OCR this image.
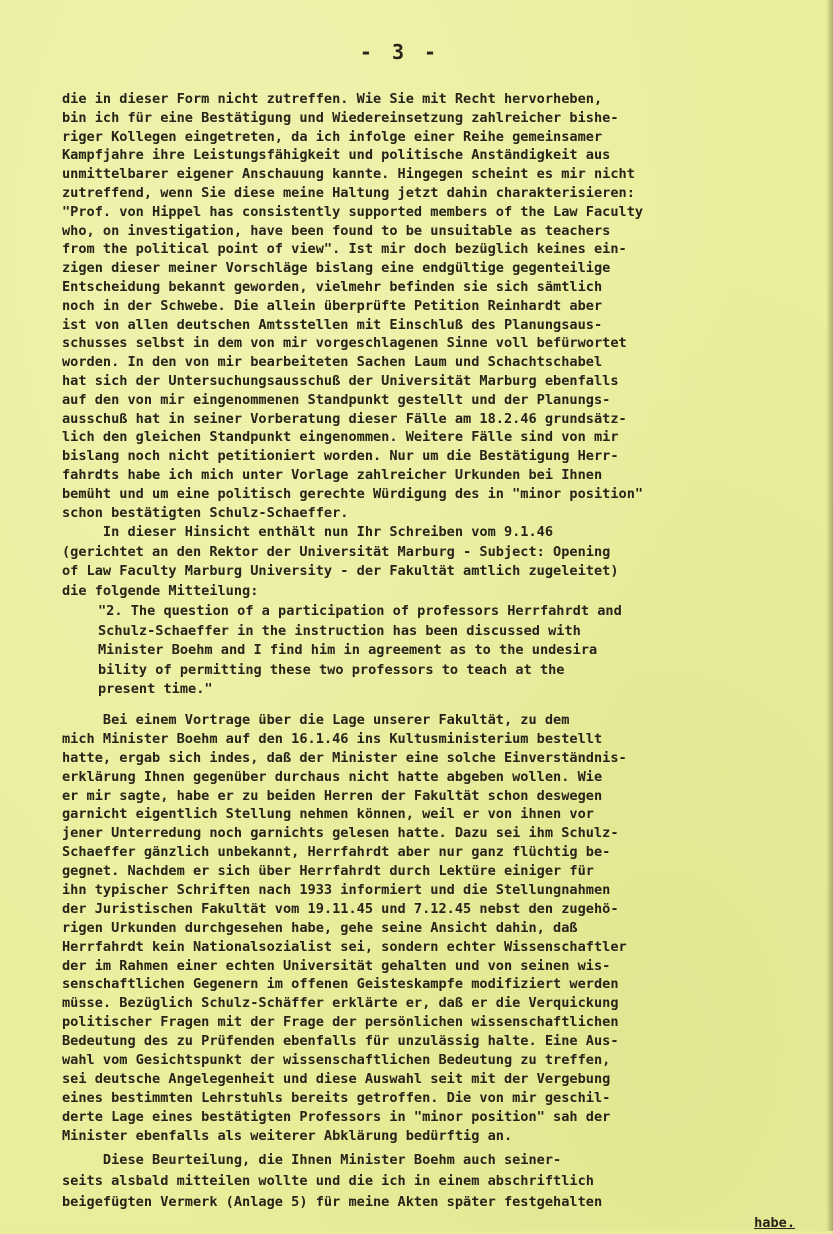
- 3 -
die in dieser Form nicht zutreffen. Wie Sie mit Recht hervorheben,
bin ich für eine Bestätigung und Wiedereinsetzung zahlreicher bishe-
riger Kollegen eingetreten, da ich infolge einer Reihe gemeinsamer
Kampfjahre ihre Leistungsfähigkeit und politische Anständigkeit aus
unmittelbarer eigener Anschauung kannte. Hingegen scheint es mir nicht
zutreffend, wenn Sie diese meine Haltung jetzt dahin charakterisieren:
"Prof. von Hippel has consistently supported members of the Law Faculty
who, on investigation, have been found to be unsuitable as teachers
from the political point of view". Ist mir doch bezüglich keines ein-
zigen dieser meiner Vorschläge bislang eine endgültige gegenteilige
Entscheidung bekannt geworden, vielmehr befinden sie sich sämtlich
noch in der Schwebe. Die allein überprüfte Petition Reinhardt aber
ist von allen deutschen Amtsstellen mit Einschluß des Planungsaus-
schusses selbst in dem von mir vorgeschlagenen Sinne voll befürwortet
worden. In den von mir bearbeiteten Sachen Laum und Schachtschabel
hat sich der Untersuchungsausschuß der Universität Marburg ebenfalls
auf den von mir eingenommenen Standpunkt gestellt und der Planungs-
ausschuß hat in seiner Vorberatung dieser Fälle am 18.2.46 grundsätz-
lich den gleichen Standpunkt eingenommen. Weitere Fälle sind von mir
bislang noch nicht petitioniert worden. Nur um die Bestätigung Herr-
fahrdts habe ich mich unter Vorlage zahlreicher Urkunden bei Ihnen
bemüht und um eine politisch gerechte Würdigung des in "minor position"
schon bestätigten Schulz-Schaeffer.
In dieser Hinsicht enthält nun Ihr Schreiben vom 9.1.46
(gerichtet an den Rektor der Universität Marburg - Subject: Opening
of Law Faculty Marburg University - der Fakultät amtlich zugeleitet)
die folgende Mitteilung:
"2. The question of a participation of professors Herrfahrdt and
Schulz-Schaeffer in the instruction has been discussed with
Minister Boehm and I find him in agreement as to the undesira
bility of permitting these two professors to teach at the
present time."
Bei einem Vortrage über die Lage unserer Fakultät, zu dem
mich Minister Boehm auf den 16.1.46 ins Kultusministerium bestellt
hatte, ergab sich indes, daß der Minister eine solche Einverständnis-
erklärung Ihnen gegenüber durchaus nicht hatte abgeben wollen. Wie
er mir sagte, habe er zu beiden Herren der Fakultät schon deswegen
garnicht eigentlich Stellung nehmen können, weil er von ihnen vor
jener Unterredung noch garnichts gelesen hatte. Dazu sei ihm Schulz-
Schaeffer gänzlich unbekannt, Herrfahrdt aber nur ganz flüchtig be-
gegnet. Nachdem er sich über Herrfahrdt durch Lektüre einiger für
ihn typischer Schriften nach 1933 informiert und die Stellungnahmen
der Juristischen Fakultät vom 19.11.45 und 7.12.45 nebst den zugehö-
rigen Urkunden durchgesehen habe, gehe seine Ansicht dahin, daß
Herrfahrdt kein Nationalsozialist sei, sondern echter Wissenschaftler
der im Rahmen einer echten Universität gehalten und von seinen wis-
senschaftlichen Gegenern im offenen Geisteskampfe modifiziert werden
müsse. Bezüglich Schulz-Schäffer erklärte er, daß er die Verquickung
politischer Fragen mit der Frage der persönlichen wissenschaftlichen
Bedeutung des zu Prüfenden ebenfalls für unzulässig halte. Eine Aus-
wahl vom Gesichtspunkt der wissenschaftlichen Bedeutung zu treffen,
sei deutsche Angelegenheit und diese Auswahl seit mit der Vergebung
eines bestimmten Lehrstuhls bereits getroffen. Die von mir geschil-
derte Lage eines bestätigten Professors in "minor position" sah der
Minister ebenfalls als weiterer Abklärung bedürftig an.
Diese Beurteilung, die Ihnen Minister Boehm auch seiner-
seits alsbald mitteilen wollte und die ich in einem abschriftlich
beigefügten Vermerk (Anlage 5) für meine Akten später festgehalten
habe.
